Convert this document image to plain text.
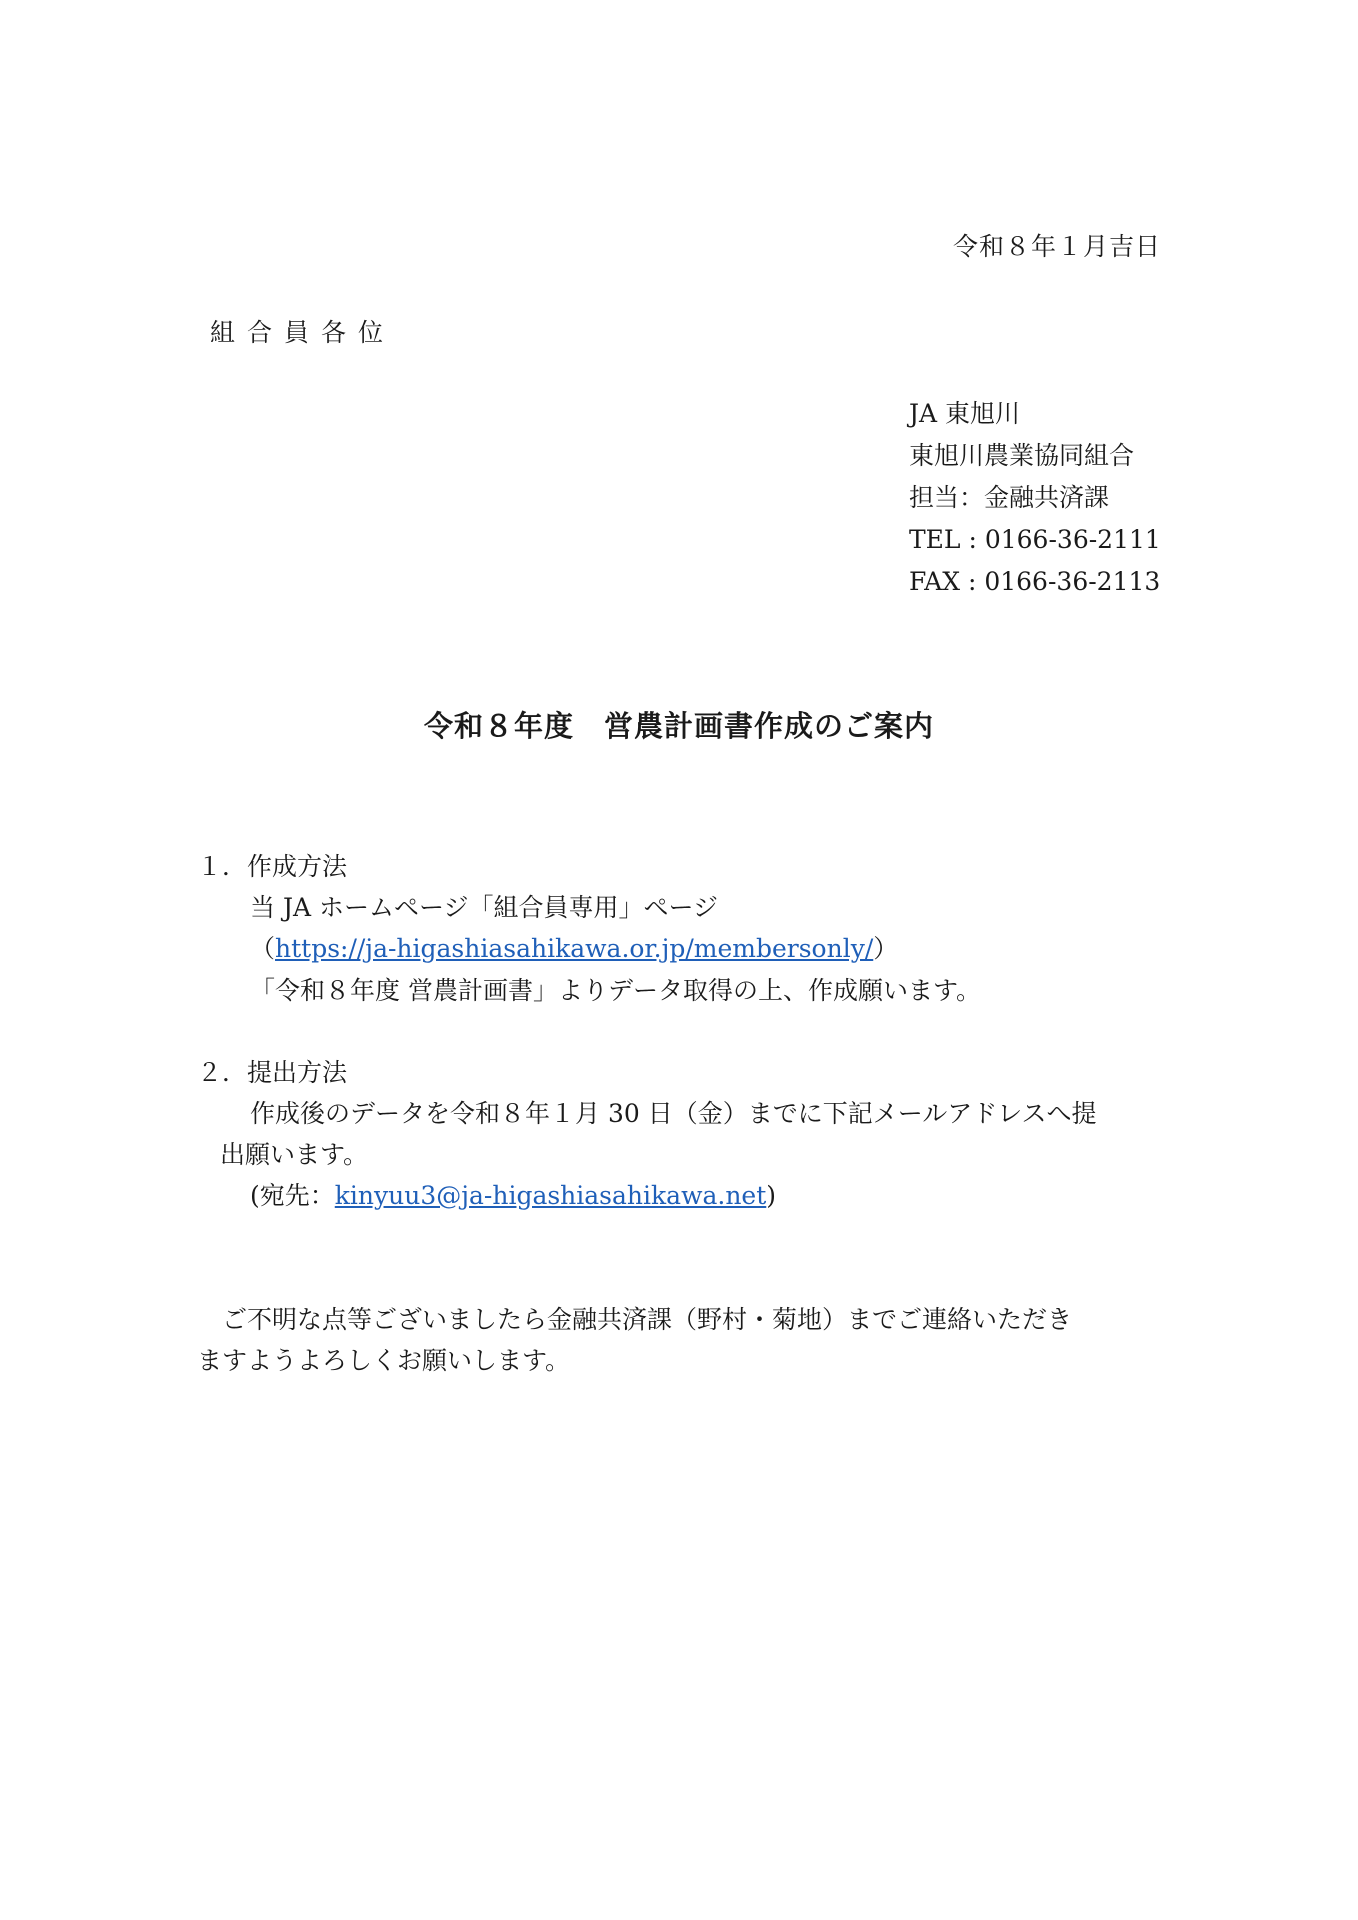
令和８年１月吉日
組合員各位
JA 東旭川
東旭川農業協同組合
担当：金融共済課
TEL : 0166-36-2111
FAX : 0166-36-2113
令和８年度　営農計画書作成のご案内
１．作成方法
当 JA ホームページ「組合員専用」ページ
（https://ja-higashiasahikawa.or.jp/membersonly/）
「令和８年度 営農計画書」よりデータ取得の上、作成願います。
２．提出方法
作成後のデータを令和８年１月 30 日（金）までに下記メールアドレスへ提
出願います。
(宛先：kinyuu3@ja-higashiasahikawa.net)
ご不明な点等ございましたら金融共済課（野村・菊地）までご連絡いただき
ますようよろしくお願いします。
